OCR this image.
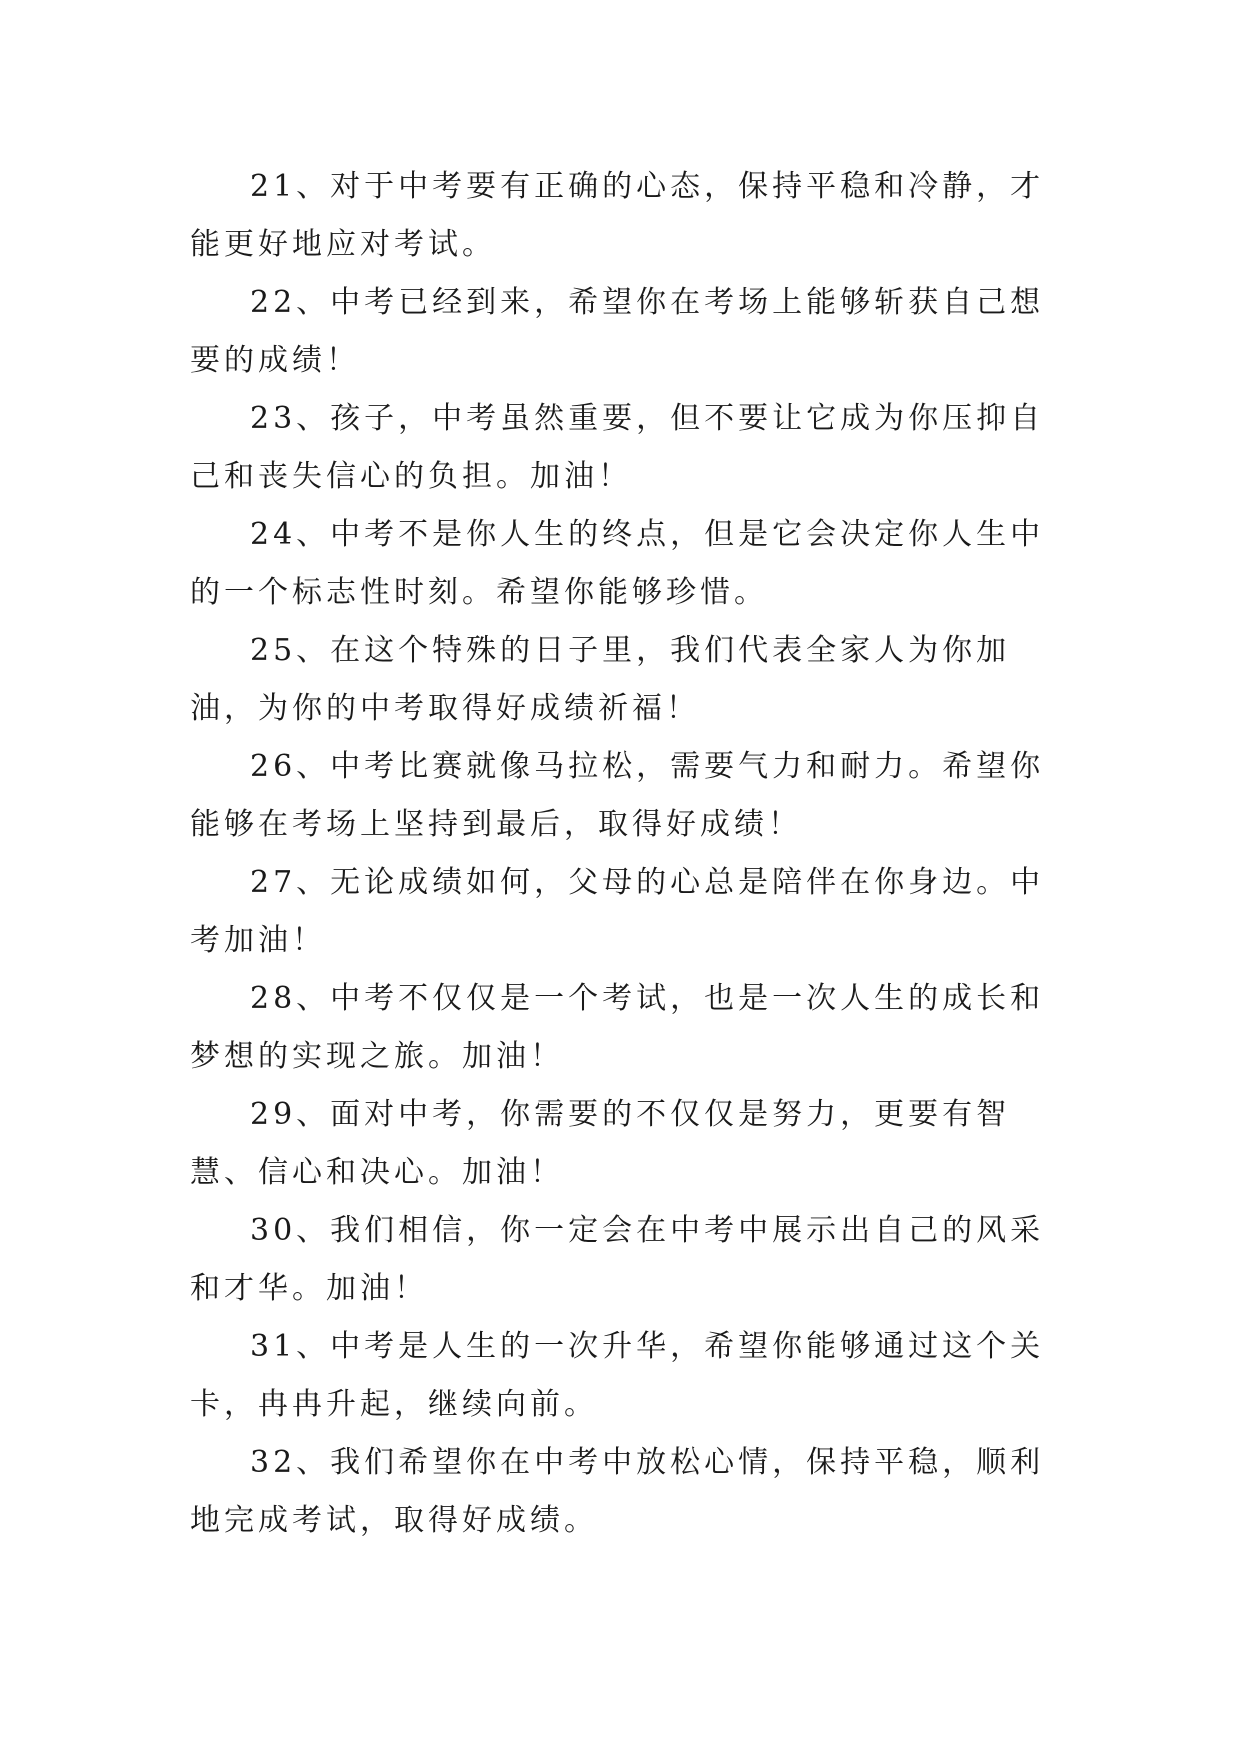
21、对于中考要有正确的心态，保持平稳和冷静，才能更好地应对考试。

22、中考已经到来，希望你在考场上能够斩获自己想要的成绩！

23、孩子，中考虽然重要，但不要让它成为你压抑自己和丧失信心的负担。加油！

24、中考不是你人生的终点，但是它会决定你人生中的一个标志性时刻。希望你能够珍惜。

25、在这个特殊的日子里，我们代表全家人为你加油，为你的中考取得好成绩祈福！

26、中考比赛就像马拉松，需要气力和耐力。希望你能够在考场上坚持到最后，取得好成绩！

27、无论成绩如何，父母的心总是陪伴在你身边。中考加油！

28、中考不仅仅是一个考试，也是一次人生的成长和梦想的实现之旅。加油！

29、面对中考，你需要的不仅仅是努力，更要有智慧、信心和决心。加油！

30、我们相信，你一定会在中考中展示出自己的风采和才华。加油！

31、中考是人生的一次升华，希望你能够通过这个关卡，冉冉升起，继续向前。

32、我们希望你在中考中放松心情，保持平稳，顺利地完成考试，取得好成绩。
